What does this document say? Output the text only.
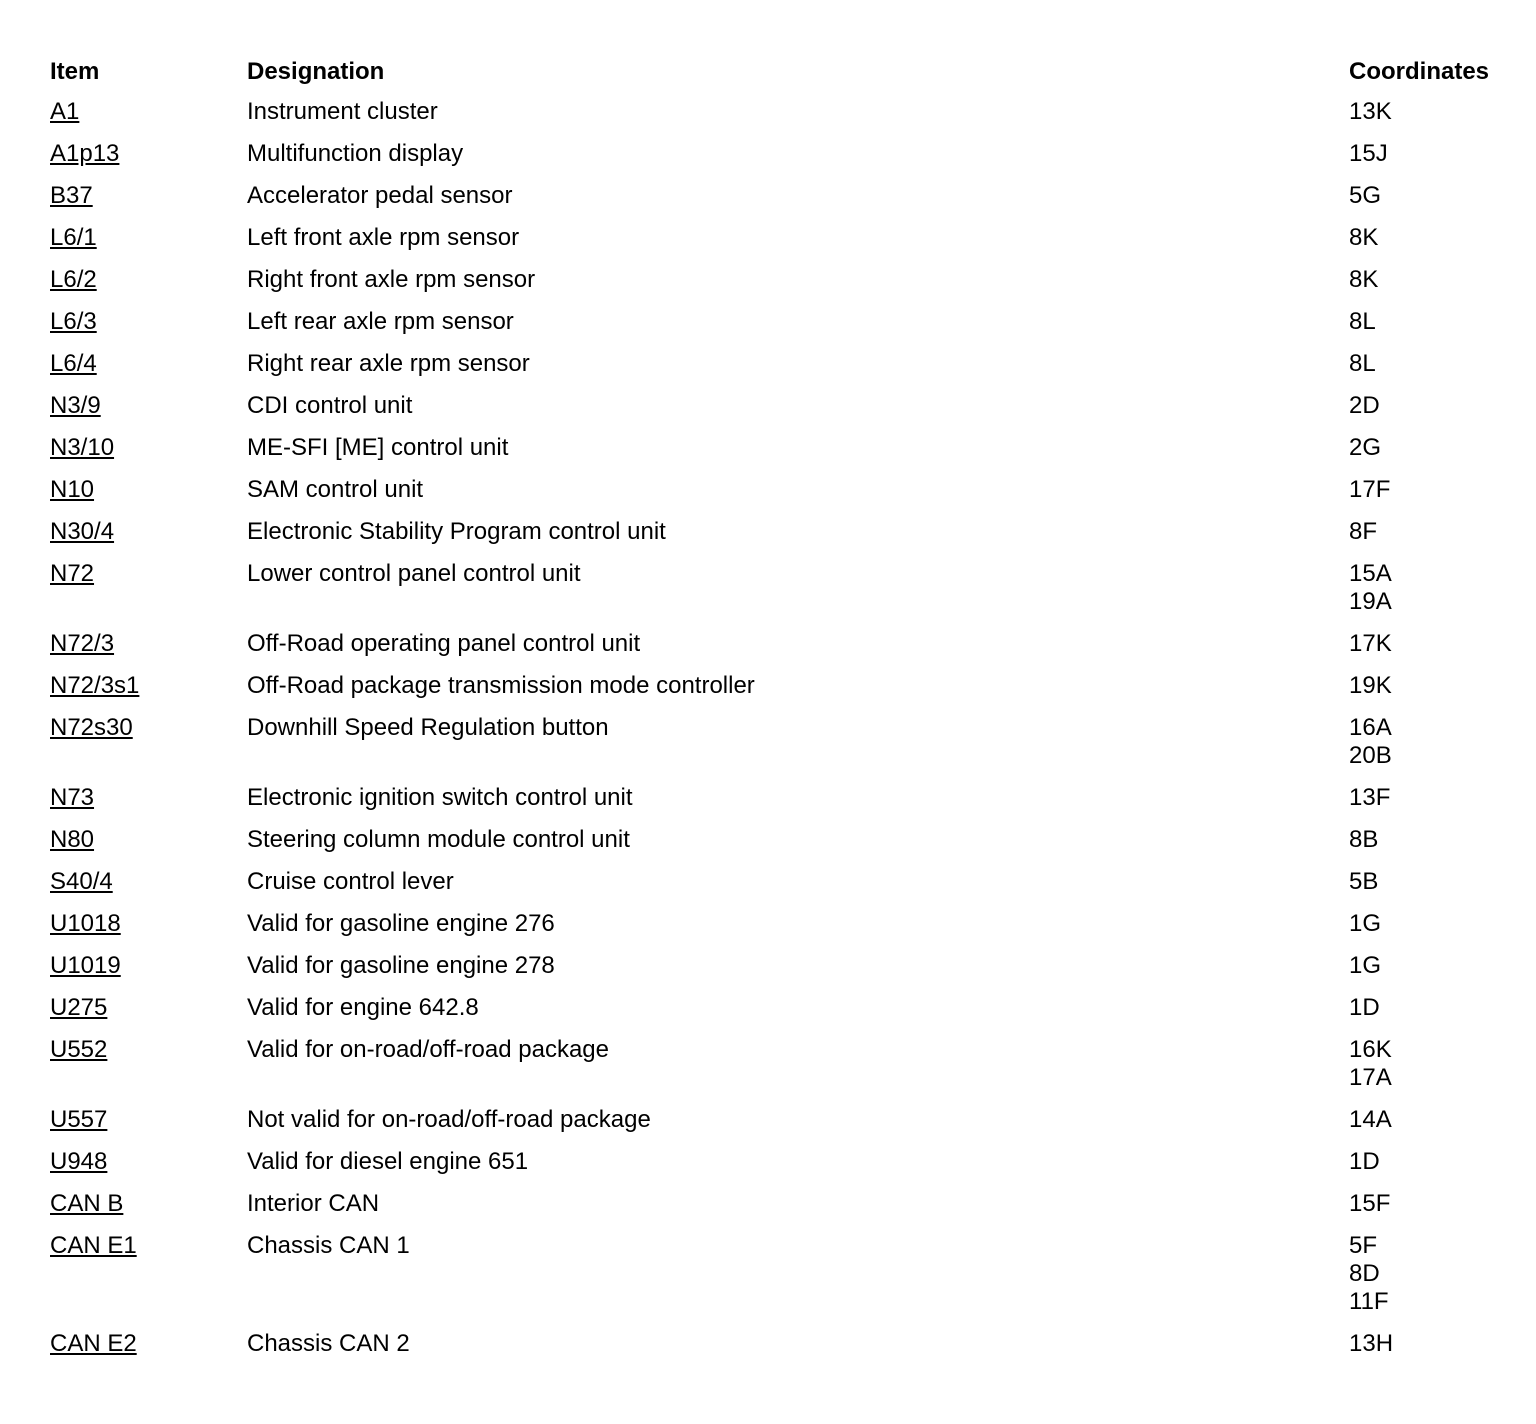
Item	Designation	Coordinates
A1	Instrument cluster	13K
A1p13	Multifunction display	15J
B37	Accelerator pedal sensor	5G
L6/1	Left front axle rpm sensor	8K
L6/2	Right front axle rpm sensor	8K
L6/3	Left rear axle rpm sensor	8L
L6/4	Right rear axle rpm sensor	8L
N3/9	CDI control unit	2D
N3/10	ME-SFI [ME] control unit	2G
N10	SAM control unit	17F
N30/4	Electronic Stability Program control unit	8F
N72	Lower control panel control unit	15A
19A
N72/3	Off-Road operating panel control unit	17K
N72/3s1	Off-Road package transmission mode controller	19K
N72s30	Downhill Speed Regulation button	16A
20B
N73	Electronic ignition switch control unit	13F
N80	Steering column module control unit	8B
S40/4	Cruise control lever	5B
U1018	Valid for gasoline engine 276	1G
U1019	Valid for gasoline engine 278	1G
U275	Valid for engine 642.8	1D
U552	Valid for on-road/off-road package	16K
17A
U557	Not valid for on-road/off-road package	14A
U948	Valid for diesel engine 651	1D
CAN B	Interior CAN	15F
CAN E1	Chassis CAN 1	5F
8D
11F
CAN E2	Chassis CAN 2	13H
